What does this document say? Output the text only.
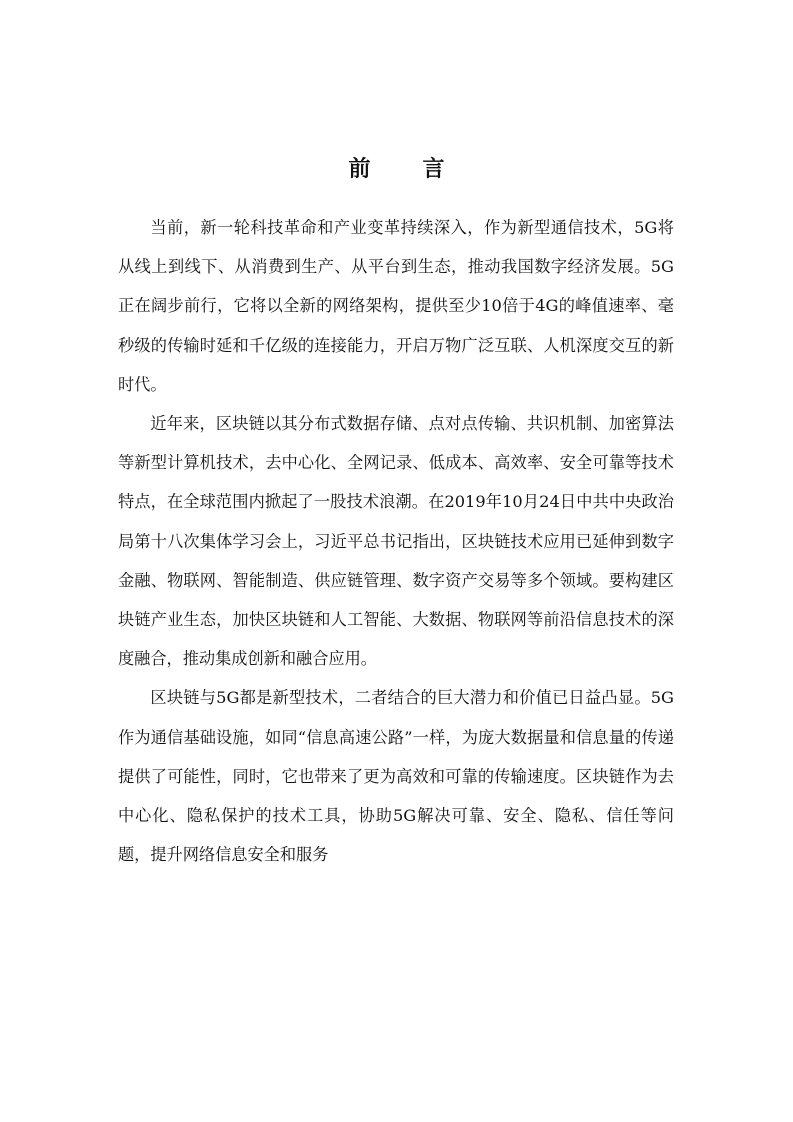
前言

当前，新一轮科技革命和产业变革持续深入，作为新型通信技术，5G将从线上到线下、从消费到生产、从平台到生态，推动我国数字经济发展。5G正在阔步前行，它将以全新的网络架构，提供至少10倍于4G的峰值速率、毫秒级的传输时延和千亿级的连接能力，开启万物广泛互联、人机深度交互的新时代。

近年来，区块链以其分布式数据存储、点对点传输、共识机制、加密算法等新型计算机技术，去中心化、全网记录、低成本、高效率、安全可靠等技术特点，在全球范围内掀起了一股技术浪潮。在2019年10月24日中共中央政治局第十八次集体学习会上，习近平总书记指出，区块链技术应用已延伸到数字金融、物联网、智能制造、供应链管理、数字资产交易等多个领域。要构建区块链产业生态，加快区块链和人工智能、大数据、物联网等前沿信息技术的深度融合，推动集成创新和融合应用。

区块链与5G都是新型技术，二者结合的巨大潜力和价值已日益凸显。5G作为通信基础设施，如同“信息高速公路”一样，为庞大数据量和信息量的传递提供了可能性，同时，它也带来了更为高效和可靠的传输速度。区块链作为去中心化、隐私保护的技术工具，协助5G解决可靠、安全、隐私、信任等问题，提升网络信息安全和服务
